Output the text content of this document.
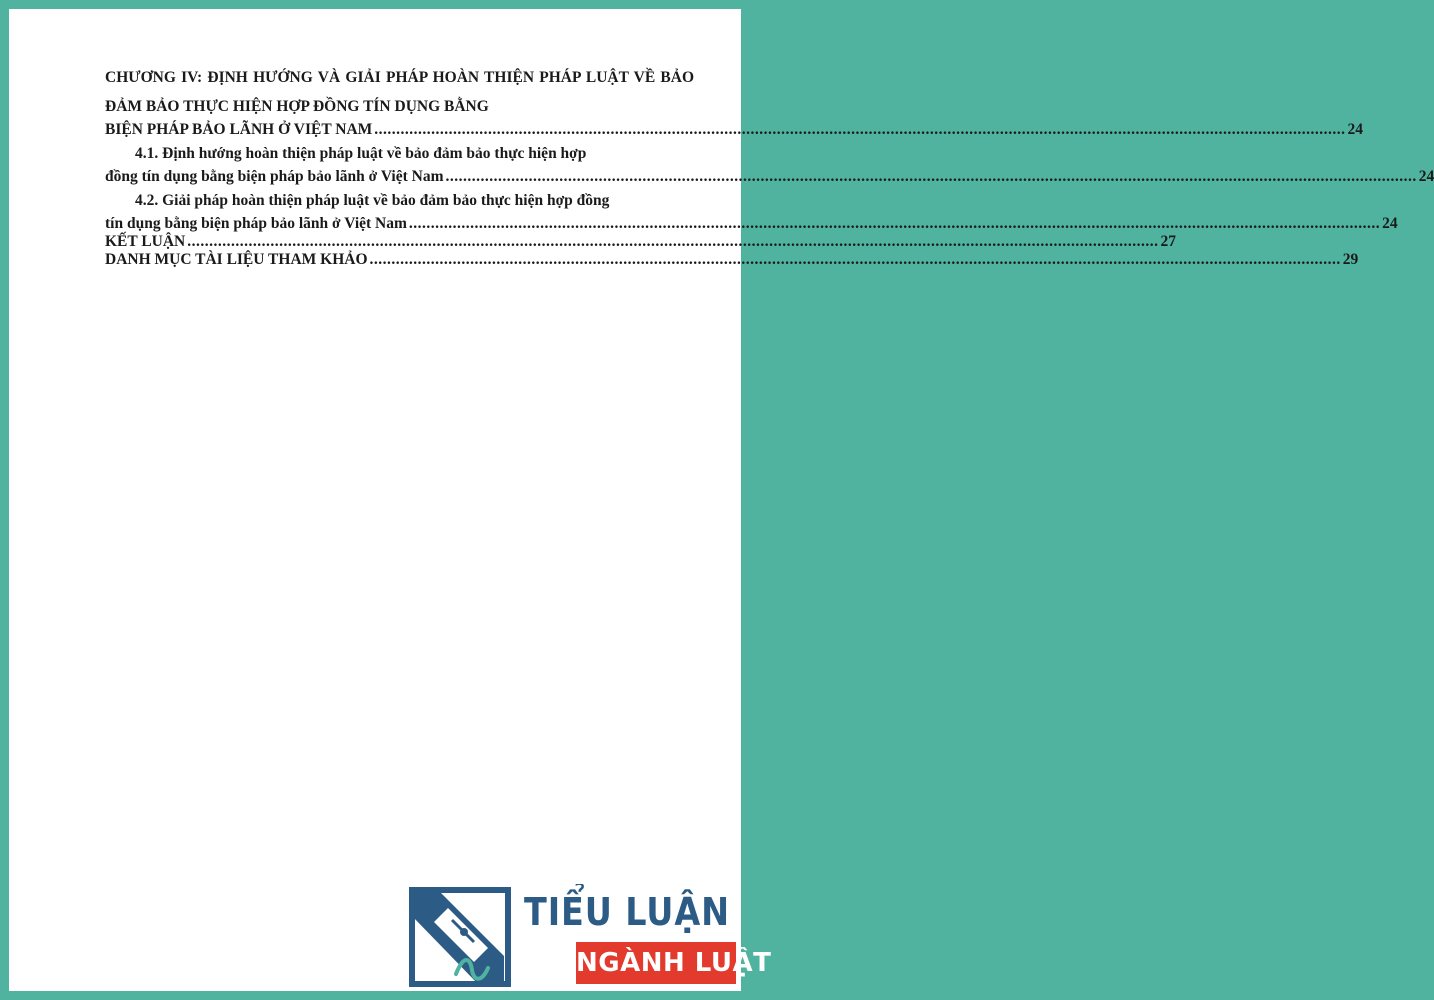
CHƯƠNG IV: ĐỊNH HƯỚNG VÀ GIẢI PHÁP HOÀN THIỆN PHÁP LUẬT VỀ BẢO ĐẢM BẢO THỰC HIỆN HỢP ĐỒNG TÍN DỤNG BẰNG
BIỆN PHÁP BẢO LÃNH Ở VIỆT NAM .....	24
4.1. Định hướng hoàn thiện pháp luật về bảo đảm bảo thực hiện hợp
đồng tín dụng bằng biện pháp bảo lãnh ở Việt Nam .....	24
4.2. Giải pháp hoàn thiện pháp luật về bảo đảm bảo thực hiện hợp đồng
tín dụng bằng biện pháp bảo lãnh ở Việt Nam .....	24
KẾT LUẬN .....	27
DANH MỤC TÀI LIỆU THAM KHẢO .....	29
TIỂU LUẬN
NGÀNH LUẬT
